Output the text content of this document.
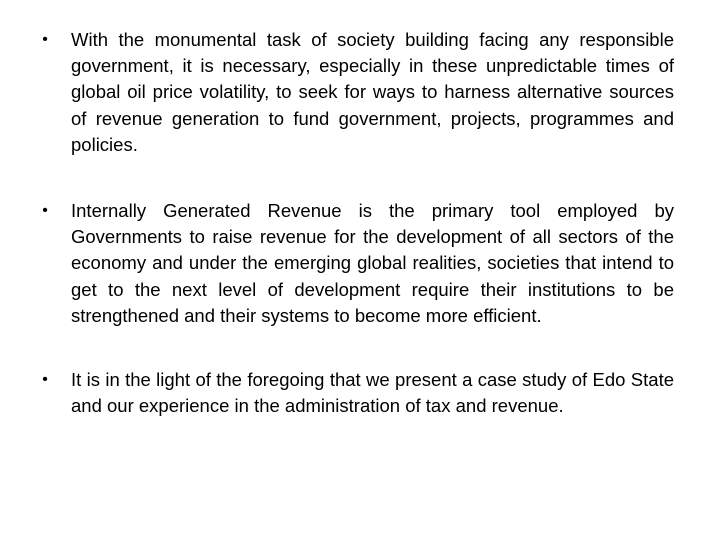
• With the monumental task of society building facing any responsible government, it is necessary, especially in these unpredictable times of global oil price volatility, to seek for ways to harness alternative sources of revenue generation to fund government, projects, programmes and policies.
• Internally Generated Revenue is the primary tool employed by Governments to raise revenue for the development of all sectors of the economy and under the emerging global realities, societies that intend to get to the next level of development require their institutions to be strengthened and their systems to become more efficient.
• It is in the light of the foregoing that we present a case study of Edo State and our experience in the administration of tax and revenue.
